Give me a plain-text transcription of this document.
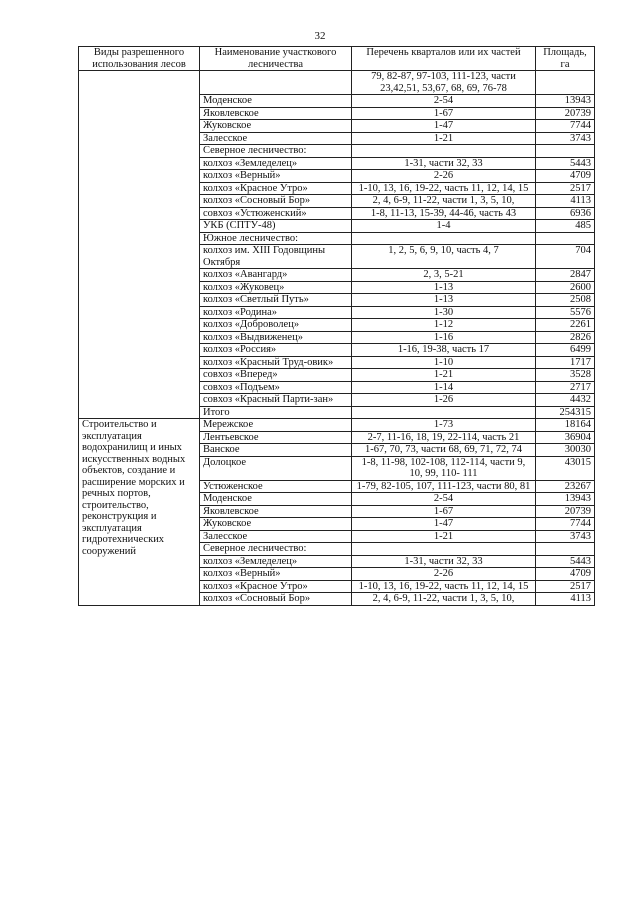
32
Виды разрешенного использования лесов	Наименование участкового лесничества	Перечень кварталов или их частей	Площадь, га
		79, 82-87, 97-103, 111-123, части 23,42,51, 53,67, 68, 69, 76-78	
	Моденское	2-54	13943
	Яковлевское	1-67	20739
	Жуковское	1-47	7744
	Залесское	1-21	3743
	Северное лесничество:		
	колхоз «Земледелец»	1-31, части 32, 33	5443
	колхоз «Верный»	2-26	4709
	колхоз «Красное Утро»	1-10, 13, 16, 19-22, часть 11, 12, 14, 15	2517
	колхоз «Сосновый Бор»	2, 4, 6-9, 11-22, части 1, 3, 5, 10,	4113
	совхоз «Устюженский»	1-8, 11-13, 15-39, 44-46, часть 43	6936
	УКБ (СПТУ-48)	1-4	485
	Южное лесничество:		
	колхоз им. XIII Годовщины Октября	1, 2, 5, 6, 9, 10, часть 4, 7	704
	колхоз «Авангард»	2, 3, 5-21	2847
	колхоз «Жуковец»	1-13	2600
	колхоз «Светлый Путь»	1-13	2508
	колхоз «Родина»	1-30	5576
	колхоз «Доброволец»	1-12	2261
	колхоз «Выдвиженец»	1-16	2826
	колхоз «Россия»	1-16, 19-38, часть 17	6499
	колхоз «Красный Труд-овик»	1-10	1717
	совхоз «Вперед»	1-21	3528
	совхоз «Подъем»	1-14	2717
	совхоз «Красный Парти-зан»	1-26	4432
	Итого		254315
Строительство и эксплуатация водохранилищ и иных искусственных водных объектов, создание и расширение морских и речных портов, строительство, реконструкция и эксплуатация гидротехнических сооружений	Мережское	1-73	18164
	Лентьевское	2-7, 11-16, 18, 19, 22-114, часть 21	36904
	Ванское	1-67, 70, 73, части 68, 69, 71, 72, 74	30030
	Долоцкое	1-8, 11-98, 102-108, 112-114, части 9, 10, 99, 110- 111	43015
	Устюженское	1-79, 82-105, 107, 111-123, части 80, 81	23267
	Моденское	2-54	13943
	Яковлевское	1-67	20739
	Жуковское	1-47	7744
	Залесское	1-21	3743
	Северное лесничество:		
	колхоз «Земледелец»	1-31, части 32, 33	5443
	колхоз «Верный»	2-26	4709
	колхоз «Красное Утро»	1-10, 13, 16, 19-22, часть 11, 12, 14, 15	2517
	колхоз «Сосновый Бор»	2, 4, 6-9, 11-22, части 1, 3, 5, 10,	4113
